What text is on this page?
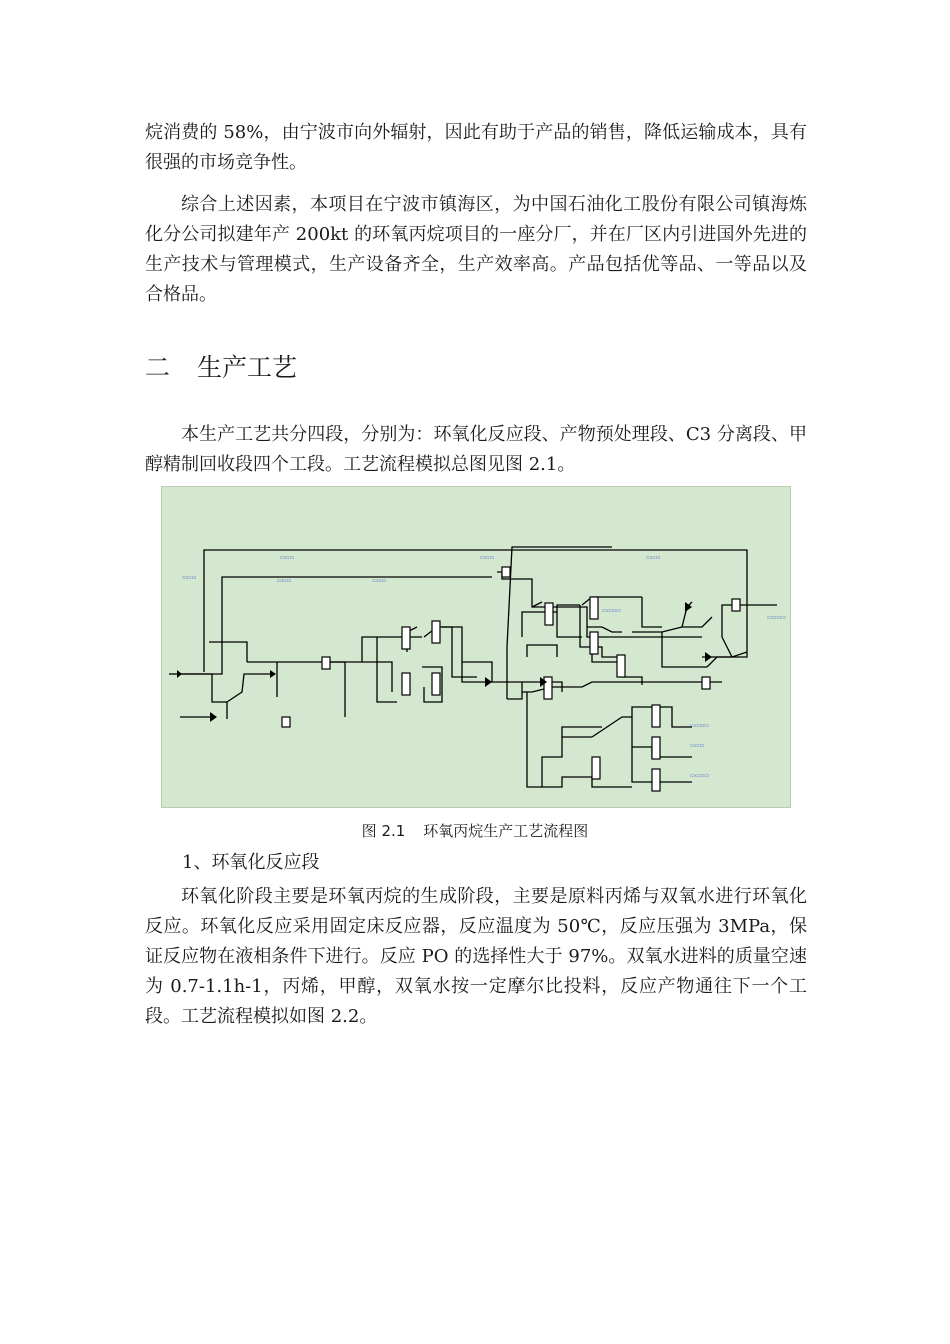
烷消费的 58%，由宁波市向外辐射，因此有助于产品的销售，降低运输成本，具有很强的市场竞争性。

综合上述因素，本项目在宁波市镇海区，为中国石油化工股份有限公司镇海炼化分公司拟建年产 200kt 的环氧丙烷项目的一座分厂，并在厂区内引进国外先进的生产技术与管理模式，生产设备齐全，生产效率高。产品包括优等品、一等品以及合格品。

二 生产工艺

本生产工艺共分四段，分别为：环氧化反应段、产物预处理段、C3 分离段、甲醇精制回收段四个工段。工艺流程模拟总图见图 2.1。

▭▭▭
▭▭▭	▭▭▭	▭▭▭
▭▭▭	▭▭▭
▭▭▭▭
▭▭▭▭
▭▭▭▭
▭▭▭
▭▭▭▭
图 2.1 环氧丙烷生产工艺流程图

1、环氧化反应段

环氧化阶段主要是环氧丙烷的生成阶段，主要是原料丙烯与双氧水进行环氧化反应。环氧化反应采用固定床反应器，反应温度为 50℃，反应压强为 3MPa，保证反应物在液相条件下进行。反应 PO 的选择性大于 97%。双氧水进料的质量空速为 0.7-1.1h-1，丙烯，甲醇，双氧水按一定摩尔比投料，反应产物通往下一个工段。工艺流程模拟如图 2.2。
